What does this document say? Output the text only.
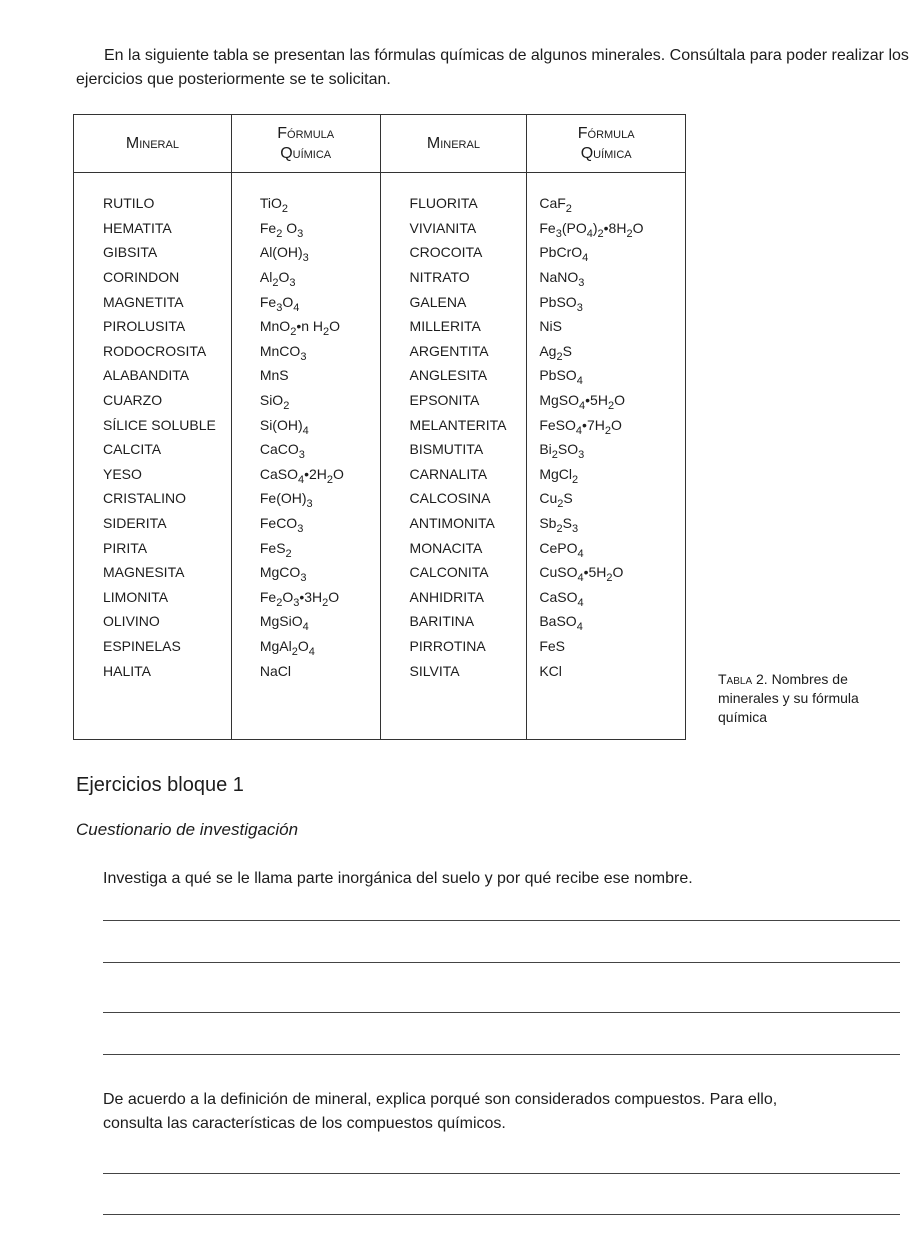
En la siguiente tabla se presentan las fórmulas químicas de algunos minerales. Consúltala para poder realizar los ejercicios que posteriormente se te solicitan.

Mineral	Fórmula Química	Mineral	Fórmula Química
RUTILO	TiO$_2$	FLUORITA	CaF$_2$
HEMATITA	$Fe_2$ $O_3$	VIVIANITA	$Fe_3(PO_4)_2•8H_2O$
GIBSITA	$Al(OH)_3$	CROCOITA	PbCrO$_4$
CORINDON	$Al_2O_3$	NITRATO	NaNO$_3$
MAGNETITA	$Fe_3O_4$	GALENA	PbSO$_3$
PIROLUSITA	MnO$_2$•n $H_2O$	MILLERITA	NiS
RODOCROSITA	MnCO$_3$	ARGENTITA	$Ag_2S$
ALABANDITA	MnS	ANGLESITA	PbSO$_4$
CUARZO	SiO$_2$	EPSONITA	$MgSO_4•5H_2O$
SÍLICE SOLUBLE	$Si(OH)_4$	MELANTERITA	$FeSO_4•7H_2O$
CALCITA	CaCO$_3$	BISMUTITA	$Bi_2SO_3$
YESO	$CaSO_4•2H_2O$	CARNALITA	MgCl$_2$
CRISTALINO	$Fe(OH)_3$	CALCOSINA	$Cu_2S$
SIDERITA	FeCO$_3$	ANTIMONITA	$Sb_2S_3$
PIRITA	FeS$_2$	MONACITA	CePO$_4$
MAGNESITA	MgCO$_3$	CALCONITA	$CuSO_4•5H_2O$
LIMONITA	$Fe_2O_3•3H_2O$	ANHIDRITA	CaSO$_4$
OLIVINO	MgSiO$_4$	BARITINA	BaSO$_4$
ESPINELAS	$MgAl_2O_4$	PIRROTINA	FeS
HALITA	NaCl	SILVITA	KCl

Tabla 2. Nombres de minerales y su fórmula química
Ejercicios bloque 1
Cuestionario de investigación

Investiga a qué se le llama parte inorgánica del suelo y por qué recibe ese nombre.

De acuerdo a la definición de mineral, explica porqué son considerados compuestos. Para ello, consulta las características de los compuestos químicos.
